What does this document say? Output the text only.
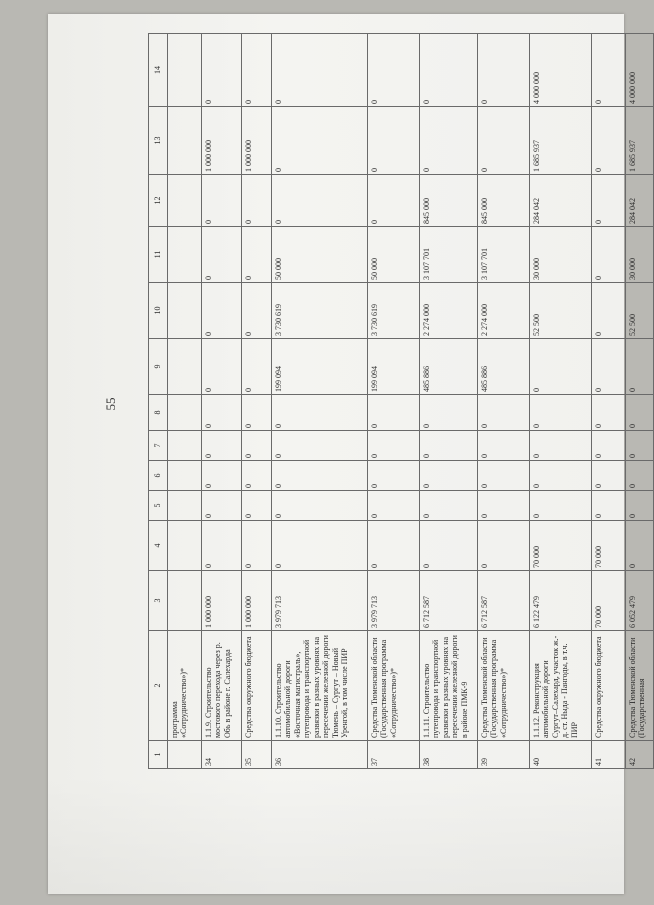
55
1	2	3	4	5	6	7	8	9	10	11	12	13	14
	программа «Сотрудничество»)*												
34	1.1.9. Строительство мостового перехода через р. Обь в районе г. Салехарда	1 000 000	0	0	0	0	0	0	0	0	0	1 000 000	0
35	Средства окружного бюджета	1 000 000	0	0	0	0	0	0	0	0	0	1 000 000	0
36	1.1.10. Строительство автомобильной дороги «Восточная магистраль», путепровода и транспортной развязки в разных уровнях на пересечении железной дороги Тюмень – Сургут – Новый Уренгой, в том числе ПИР	3 979 713	0	0	0	0	0	199 094	3 730 619	50 000	0	0	0
37	Средства Тюменской области (Государственная программа «Сотрудничество»)*	3 979 713	0	0	0	0	0	199 094	3 730 619	50 000	0	0	0
38	1.1.11. Строительство путепровода и транспортной развязки в разных уровнях на пересечении железной дороги в районе ПМК-9	6 712 587	0	0	0	0	0	485 886	2 274 000	3 107 701	845 000	0	0
39	Средства Тюменской области (Государственная программа «Сотрудничество»)*	6 712 587	0	0	0	0	0	485 886	2 274 000	3 107 701	845 000	0	0
40	1.1.12. Реконструкция автомобильной дороги Сургут–Салехард, участок ж.-д. ст. Ныда - Пангоды, в т.ч. ПИР	6 122 479	70 000	0	0	0	0	0	52 500	30 000	284 042	1 685 937	4 000 000
41	Средства окружного бюджета	70 000	70 000	0	0	0	0	0	0	0	0	0	0
42	Средства Тюменской области (Государственная	6 052 479	0	0	0	0	0	0	52 500	30 000	284 042	1 685 937	4 000 000
